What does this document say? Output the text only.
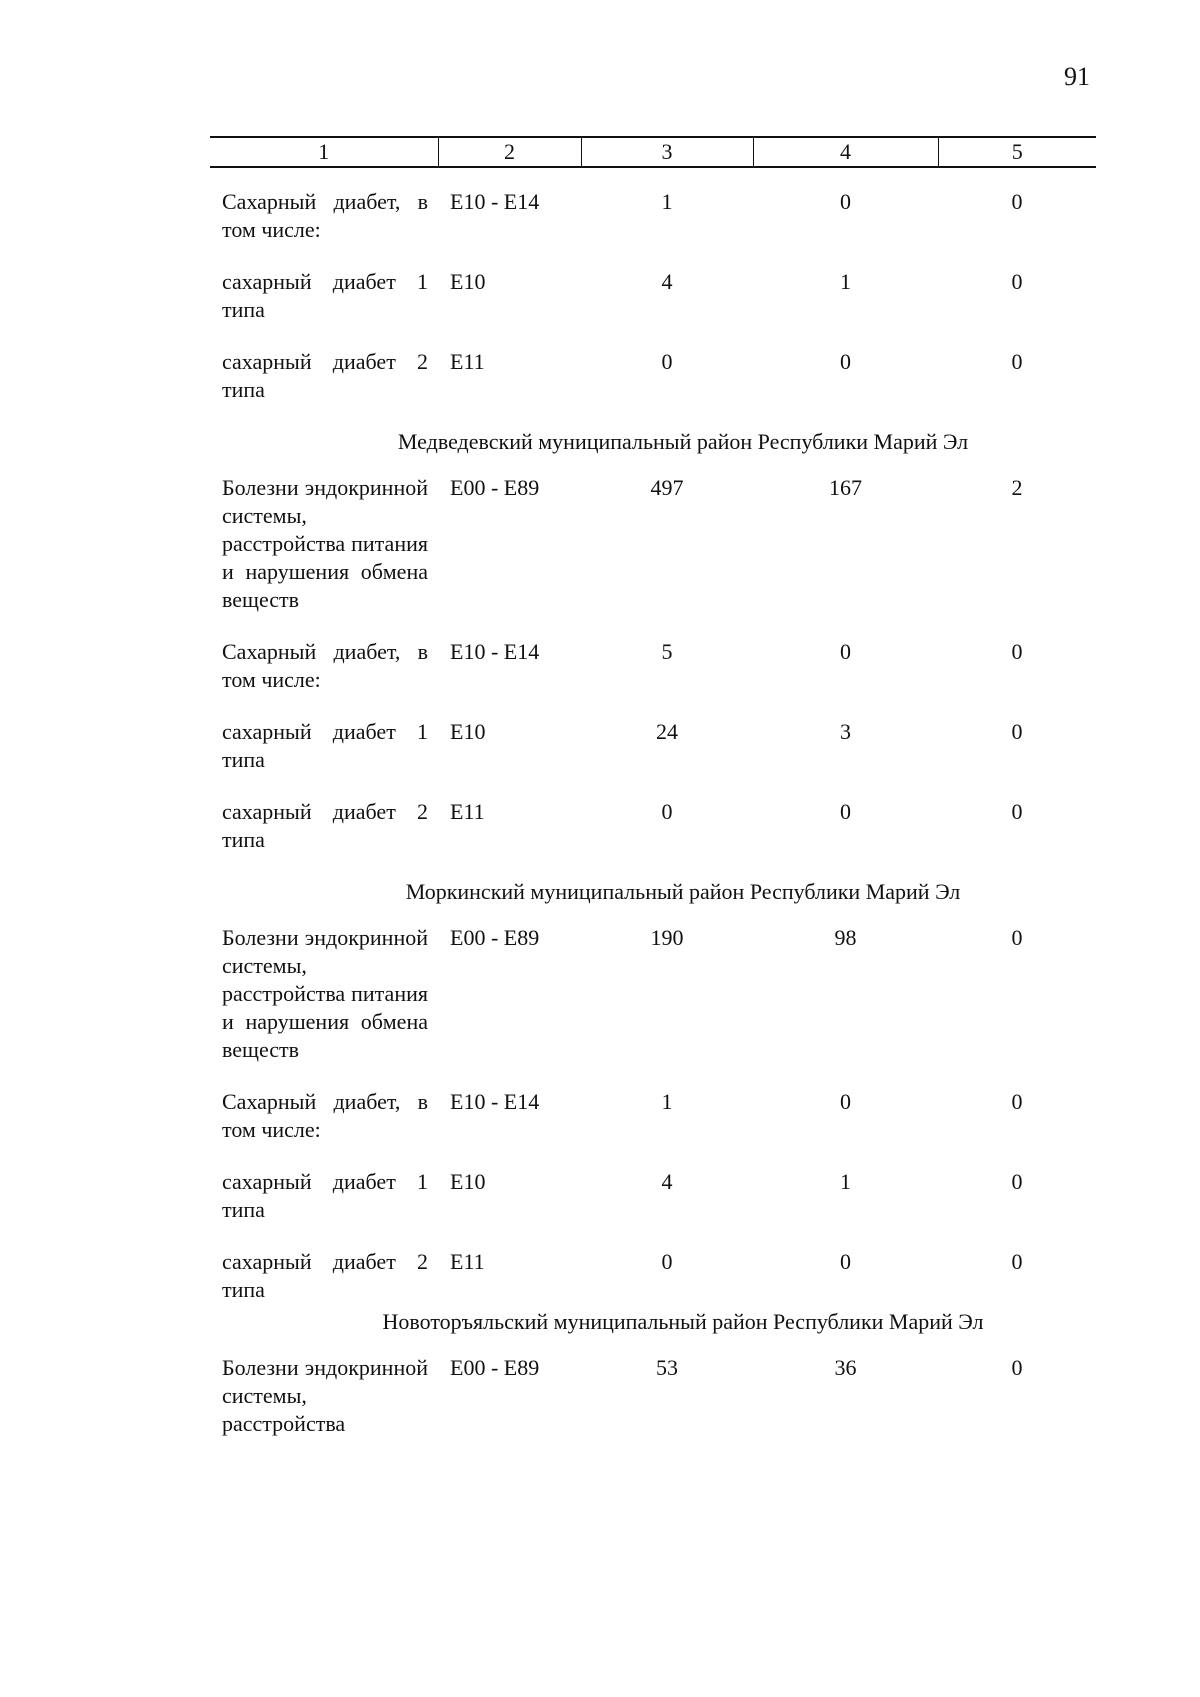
91
1	2	3	4	5

Сахарный диабет, в том числе:	E10 - E14	1	0	0
сахарный диабет 1 типа	E10	4	1	0
сахарный диабет 2 типа	E11	0	0	0
Медведевский муниципальный район Республики Марий Эл				
Болезни эндокринной системы, расстройства питания и нарушения обмена веществ	E00 - E89	497	167	2
Сахарный диабет, в том числе:	E10 - E14	5	0	0
сахарный диабет 1 типа	E10	24	3	0
сахарный диабет 2 типа	E11	0	0	0
Моркинский муниципальный район Республики Марий Эл				
Болезни эндокринной системы, расстройства питания и нарушения обмена веществ	E00 - E89	190	98	0
Сахарный диабет, в том числе:	E10 - E14	1	0	0
сахарный диабет 1 типа	E10	4	1	0
сахарный диабет 2 типа	E11	0	0	0
Новоторъяльский муниципальный район Республики Марий Эл				
Болезни эндокринной системы, расстройства	E00 - E89	53	36	0
